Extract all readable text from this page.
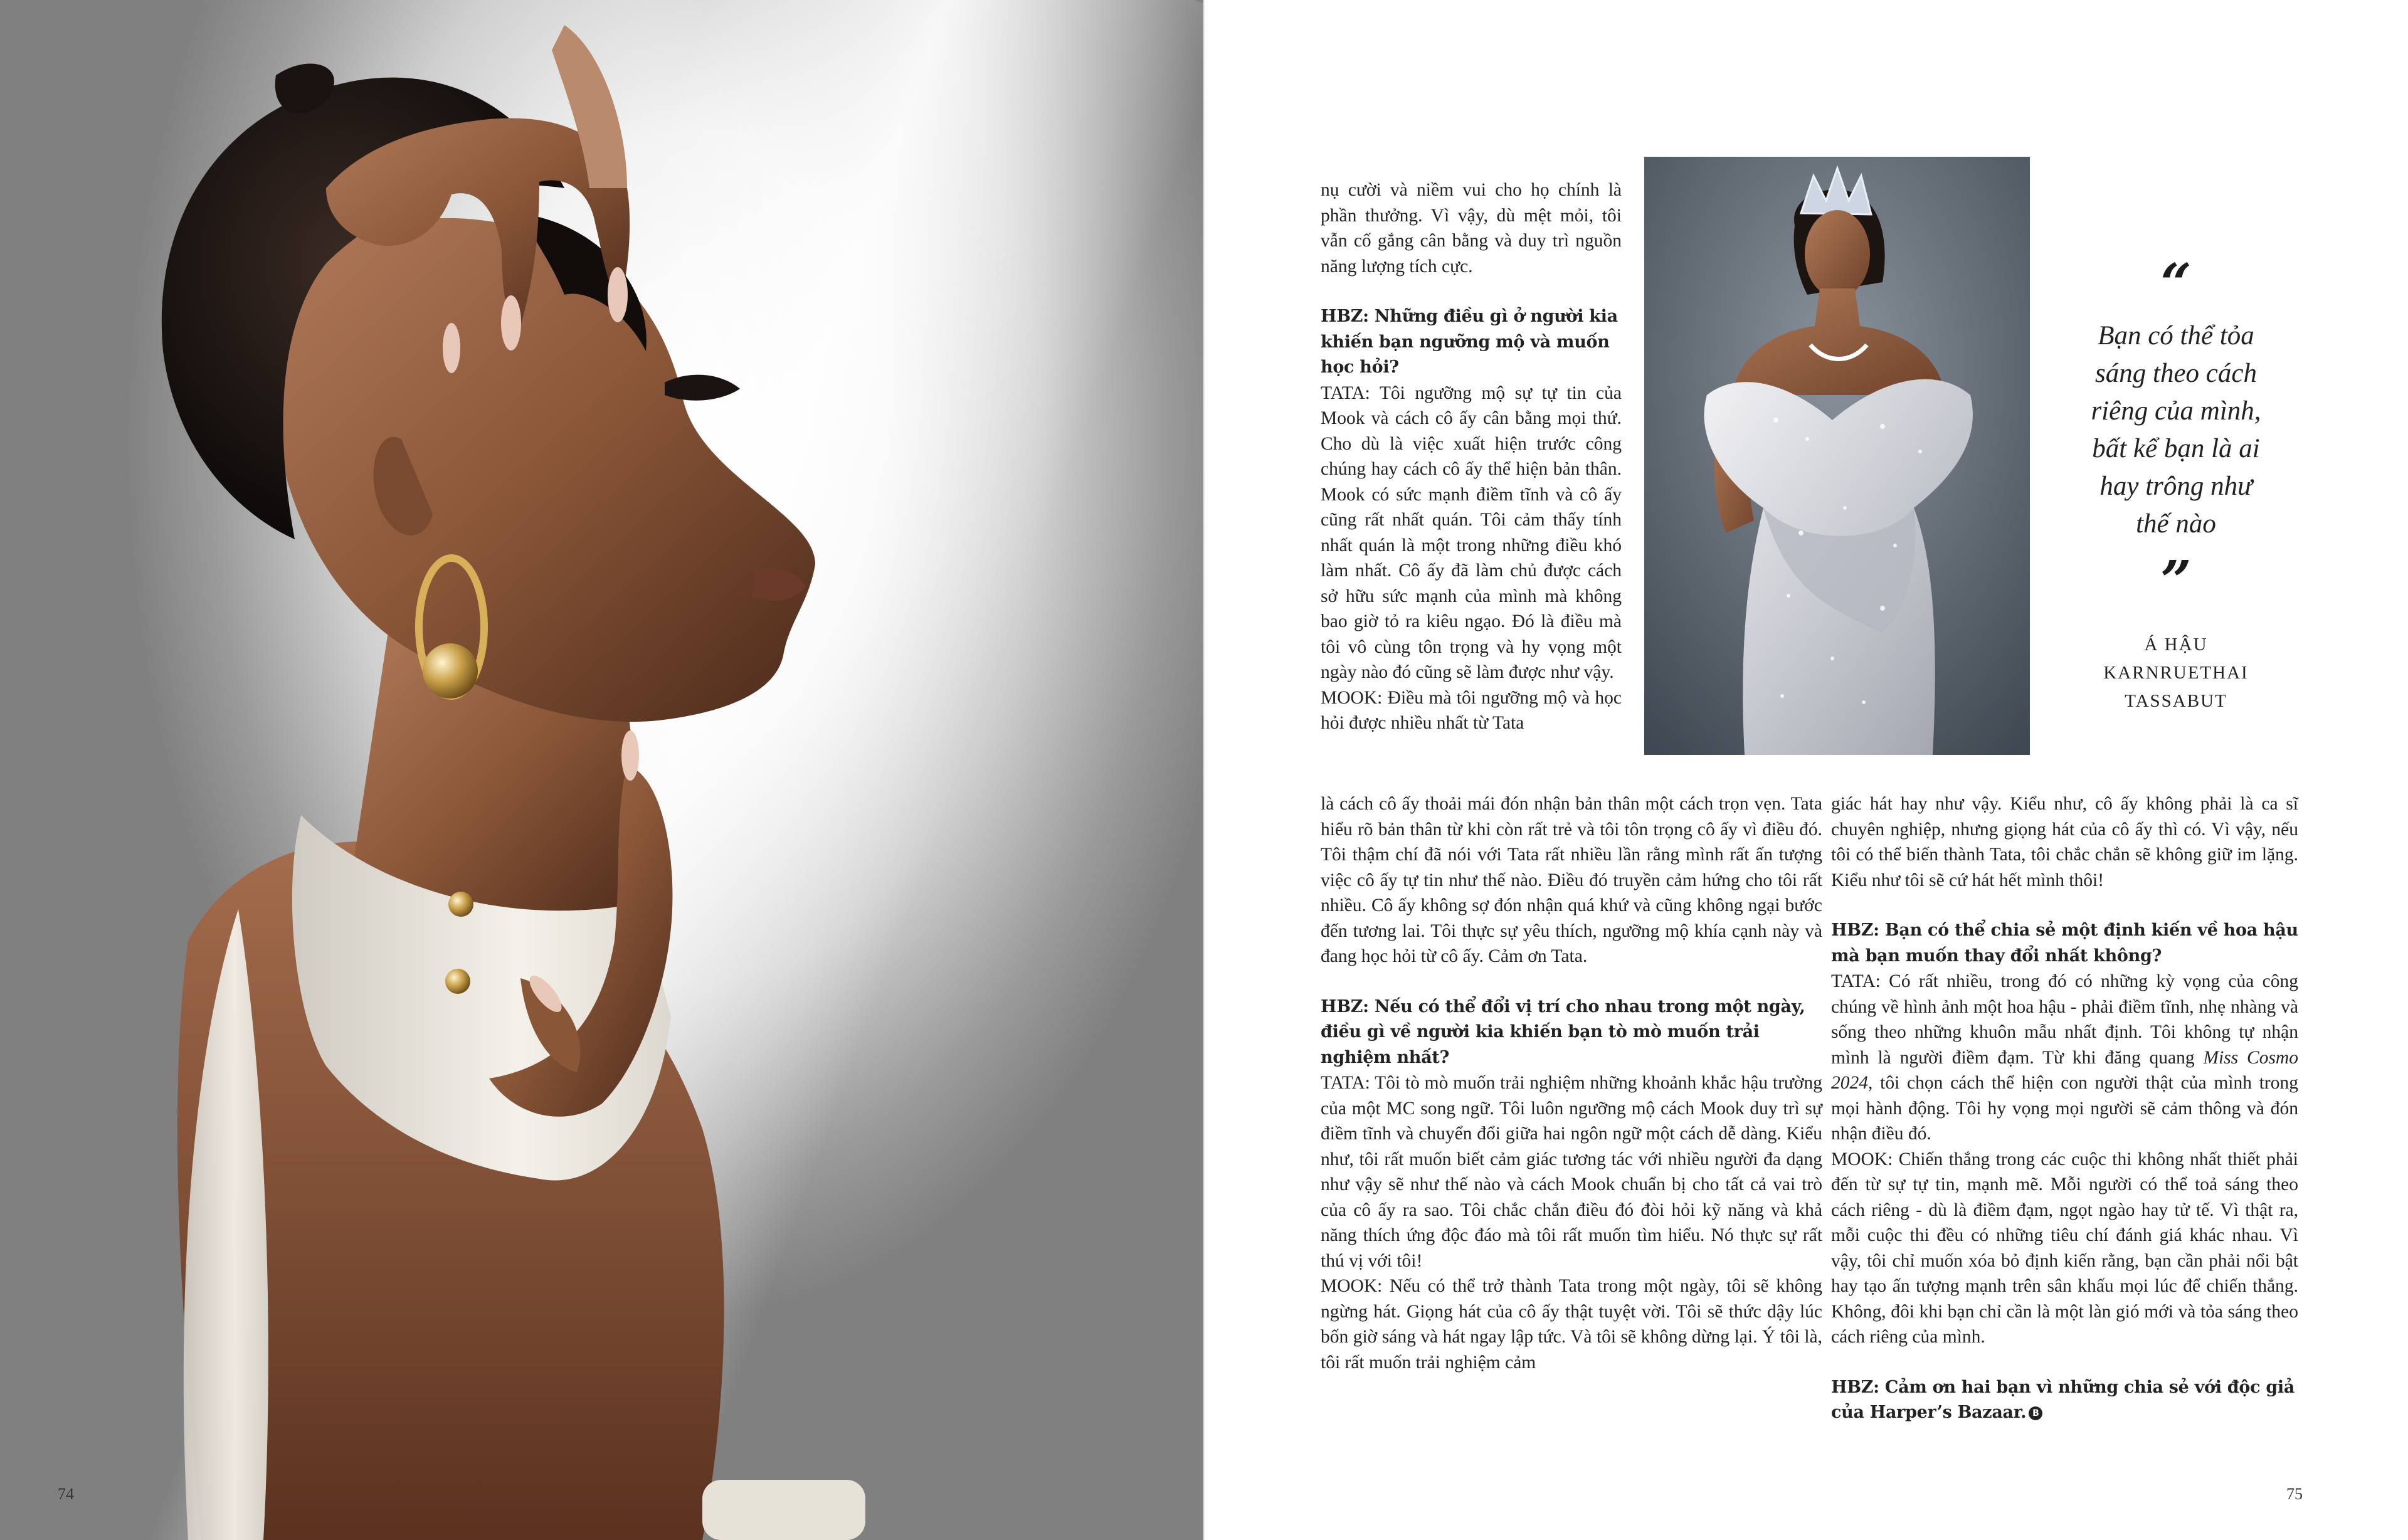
74
“
Bạn có thể tỏa
sáng theo cách
riêng của mình,
bất kể bạn là ai
hay trông như
thế nào
”
Á HẬU
KARNRUETHAI
TASSABUT

nụ cười và niềm vui cho họ chính là phần thưởng. Vì vậy, dù mệt mỏi, tôi vẫn cố gắng cân bằng và duy trì nguồn năng lượng tích cực.

HBZ: Những điều gì ở người kia khiến bạn ngưỡng mộ và muốn học hỏi?

TATA: Tôi ngưỡng mộ sự tự tin của Mook và cách cô ấy cân bằng mọi thứ. Cho dù là việc xuất hiện trước công chúng hay cách cô ấy thể hiện bản thân. Mook có sức mạnh điềm tĩnh và cô ấy cũng rất nhất quán. Tôi cảm thấy tính nhất quán là một trong những điều khó làm nhất. Cô ấy đã làm chủ được cách sở hữu sức mạnh của mình mà không bao giờ tỏ ra kiêu ngạo. Đó là điều mà tôi vô cùng tôn trọng và hy vọng một ngày nào đó cũng sẽ làm được như vậy.

MOOK: Điều mà tôi ngưỡng mộ và học hỏi được nhiều nhất từ Tata

là cách cô ấy thoải mái đón nhận bản thân một cách trọn vẹn. Tata hiểu rõ bản thân từ khi còn rất trẻ và tôi tôn trọng cô ấy vì điều đó. Tôi thậm chí đã nói với Tata rất nhiều lần rằng mình rất ấn tượng việc cô ấy tự tin như thế nào. Điều đó truyền cảm hứng cho tôi rất nhiều. Cô ấy không sợ đón nhận quá khứ và cũng không ngại bước đến tương lai. Tôi thực sự yêu thích, ngưỡng mộ khía cạnh này và đang học hỏi từ cô ấy. Cảm ơn Tata.

HBZ: Nếu có thể đổi vị trí cho nhau trong một ngày, điều gì về người kia khiến bạn tò mò muốn trải nghiệm nhất?

TATA: Tôi tò mò muốn trải nghiệm những khoảnh khắc hậu trường của một MC song ngữ. Tôi luôn ngưỡng mộ cách Mook duy trì sự điềm tĩnh và chuyển đổi giữa hai ngôn ngữ một cách dễ dàng. Kiểu như, tôi rất muốn biết cảm giác tương tác với nhiều người đa dạng như vậy sẽ như thế nào và cách Mook chuẩn bị cho tất cả vai trò của cô ấy ra sao. Tôi chắc chắn điều đó đòi hỏi kỹ năng và khả năng thích ứng độc đáo mà tôi rất muốn tìm hiểu. Nó thực sự rất thú vị với tôi!

MOOK: Nếu có thể trở thành Tata trong một ngày, tôi sẽ không ngừng hát. Giọng hát của cô ấy thật tuyệt vời. Tôi sẽ thức dậy lúc bốn giờ sáng và hát ngay lập tức. Và tôi sẽ không dừng lại. Ý tôi là, tôi rất muốn trải nghiệm cảm

giác hát hay như vậy. Kiểu như, cô ấy không phải là ca sĩ chuyên nghiệp, nhưng giọng hát của cô ấy thì có. Vì vậy, nếu tôi có thể biến thành Tata, tôi chắc chắn sẽ không giữ im lặng. Kiểu như tôi sẽ cứ hát hết mình thôi!

HBZ: Bạn có thể chia sẻ một định kiến về hoa hậu mà bạn muốn thay đổi nhất không?

TATA: Có rất nhiều, trong đó có những kỳ vọng của công chúng về hình ảnh một hoa hậu - phải điềm tĩnh, nhẹ nhàng và sống theo những khuôn mẫu nhất định. Tôi không tự nhận mình là người điềm đạm. Từ khi đăng quang Miss Cosmo 2024, tôi chọn cách thể hiện con người thật của mình trong mọi hành động. Tôi hy vọng mọi người sẽ cảm thông và đón nhận điều đó.

MOOK: Chiến thắng trong các cuộc thi không nhất thiết phải đến từ sự tự tin, mạnh mẽ. Mỗi người có thể toả sáng theo cách riêng - dù là điềm đạm, ngọt ngào hay tử tế. Vì thật ra, mỗi cuộc thi đều có những tiêu chí đánh giá khác nhau. Vì vậy, tôi chỉ muốn xóa bỏ định kiến rằng, bạn cần phải nổi bật hay tạo ấn tượng mạnh trên sân khấu mọi lúc để chiến thắng. Không, đôi khi bạn chỉ cần là một làn gió mới và tỏa sáng theo cách riêng của mình.

HBZ: Cảm ơn hai bạn vì những chia sẻ với độc giả của Harper’s Bazaar. B

75
